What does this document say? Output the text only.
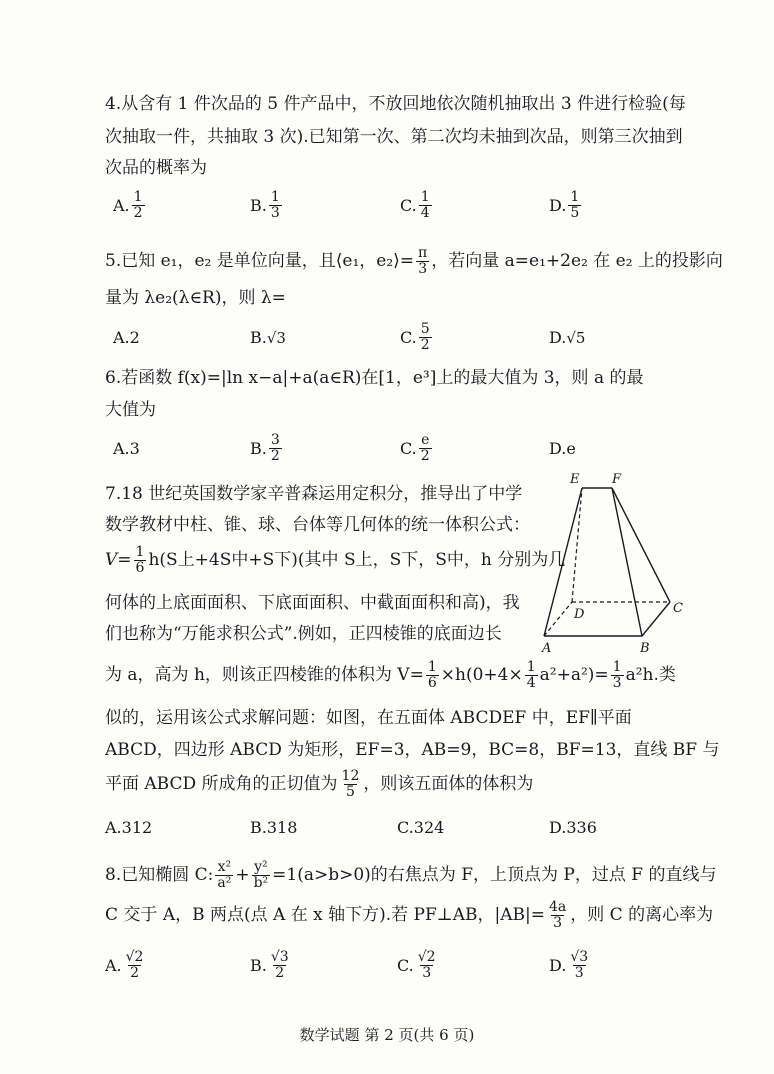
4.从含有 1 件次品的 5 件产品中，不放回地依次随机抽取出 3 件进行检验(每
次抽取一件，共抽取 3 次).已知第一次、第二次均未抽到次品，则第三次抽到
次品的概率为
A. $\frac{1}{2}$	B. $\frac{1}{3}$	C. $\frac{1}{4}$	D. $\frac{1}{5}$
5.已知 e₁，e₂ 是单位向量，且⟨e₁，e₂⟩= $\frac{\pi}{3}$ ，若向量 a=e₁+2e₂ 在 e₂ 上的投影向
量为 λe₂(λ∈R)，则 λ=
A. 2	B. √3	C. $\frac{5}{2}$	D. √5
6.若函数 f(x)=|ln x−a|+a(a∈R)在[1，e³]上的最大值为 3，则 a 的最
大值为
A. 3	B. $\frac{3}{2}$	C. $\frac{e}{2}$	D. e
7.18 世纪英国数学家辛普森运用定积分，推导出了中学
数学教材中柱、锥、球、台体等几何体的统一体积公式：
$V= \frac{1}{6} h(S$上+4S中+S下)(其中 S上，S下，S中，h 分别为几
何体的上底面面积、下底面面积、中截面面积和高)，我
们也称为“万能求积公式”.例如，正四棱锥的底面边长
为 a，高为 h，则该正四棱锥的体积为 $V= \frac{1}{6} \times h(0+4\times \frac{1}{4} a^2+a^2)= \frac{1}{3} a^2h$.类
似的，运用该公式求解问题：如图，在五面体 ABCDEF 中，EF∥平面
ABCD，四边形 ABCD 为矩形，EF=3，AB=9，BC=8，BF=13，直线 BF 与
平面 ABCD 所成角的正切值为 $\frac{12}{5}$ ，则该五面体的体积为
A. 312	B. 318	C. 324	D. 336
E	F
D	C
A	B
8.已知椭圆 C: $\frac{\text{x²}}{\text{a²}} + \frac{\text{y²}}{\text{b²}} =1(a>b>0)$的右焦点为 F，上顶点为 P，过点 F 的直线与
C 交于 A，B 两点(点 A 在 x 轴下方).若 PF⊥AB，$|AB|= \frac{4a}{3}$ ，则 C 的离心率为
A. $\frac{√2}{2}$	B. $\frac{√3}{2}$	C. $\frac{√2}{3}$	D. $\frac{√3}{3}$
数学试题 第 2 页(共 6 页)
